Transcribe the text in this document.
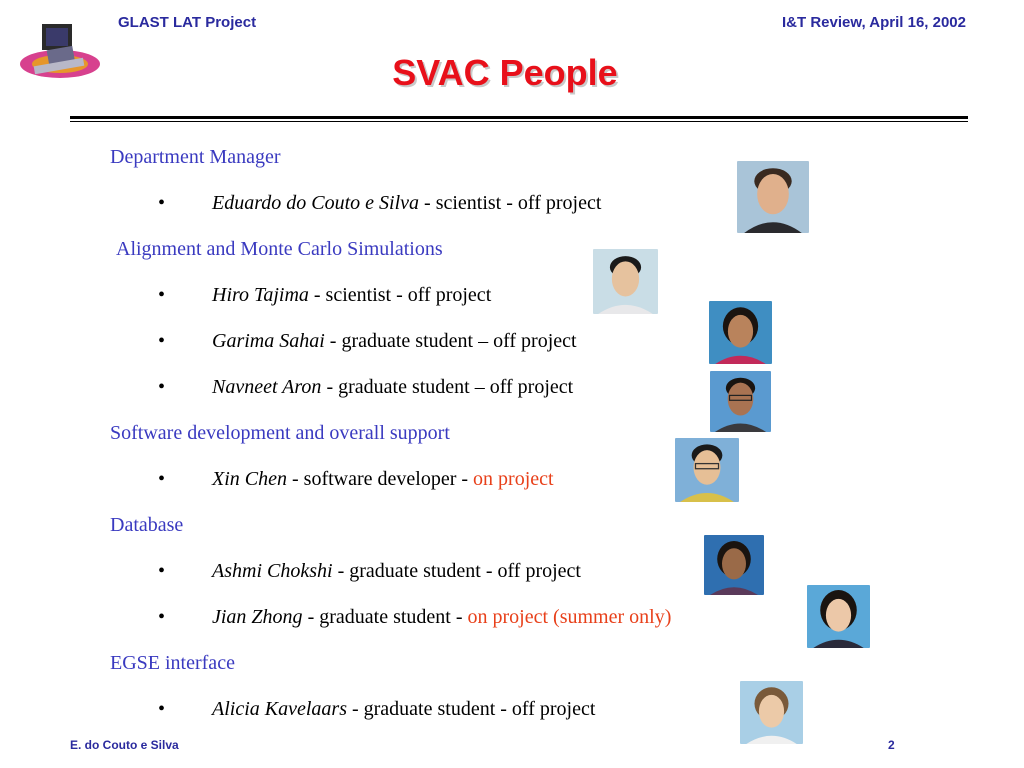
GLAST LAT Project	I&T Review, April 16, 2002
SVAC People
Department Manager
• Eduardo do Couto e Silva - scientist - off project
Alignment and Monte Carlo Simulations
• Hiro Tajima - scientist - off project
• Garima Sahai - graduate student – off project
• Navneet Aron - graduate student – off project
Software development and overall support
• Xin Chen - software developer - on project
Database
• Ashmi Chokshi - graduate student - off project
• Jian Zhong - graduate student - on project (summer only)
EGSE interface
• Alicia Kavelaars - graduate student - off project
E. do Couto e Silva	2
